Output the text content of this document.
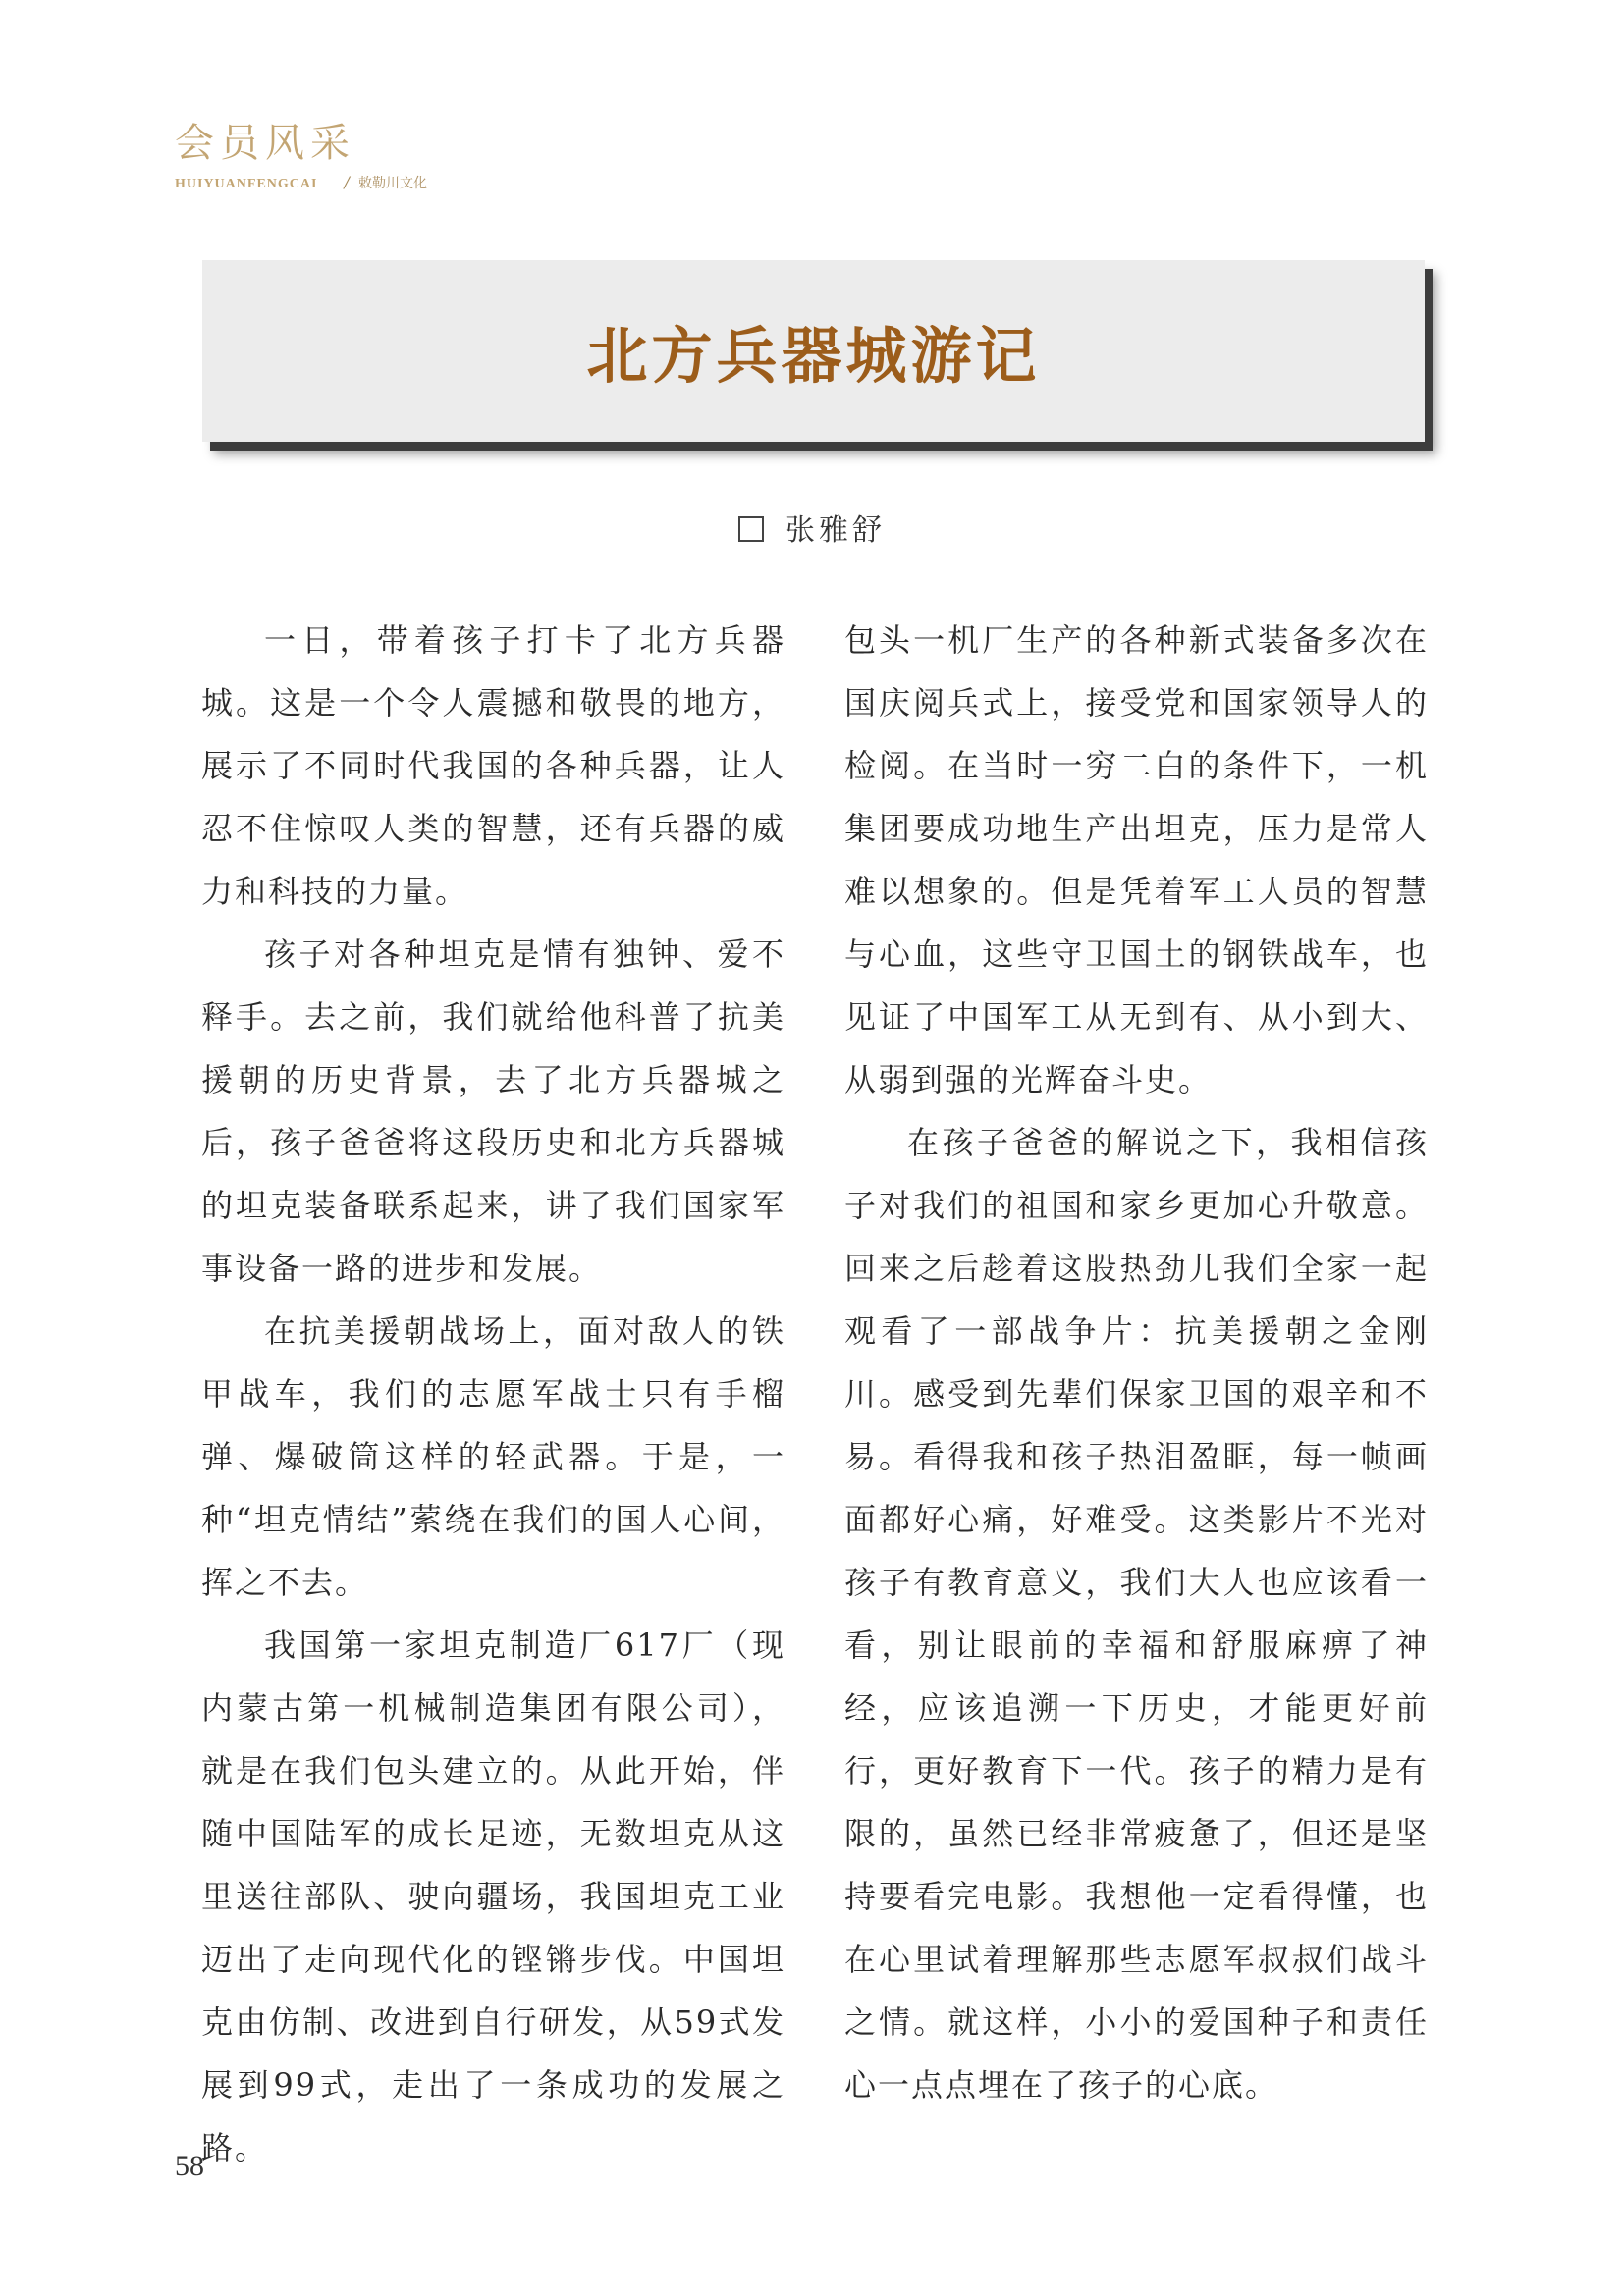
会员风采
HUIYUANFENGCAI / 敕勒川文化
北方兵器城游记
张雅舒

一日，带着孩子打卡了北方兵器城。这是一个令人震撼和敬畏的地方，展示了不同时代我国的各种兵器，让人忍不住惊叹人类的智慧，还有兵器的威力和科技的力量。

孩子对各种坦克是情有独钟、爱不释手。去之前，我们就给他科普了抗美援朝的历史背景，去了北方兵器城之后，孩子爸爸将这段历史和北方兵器城的坦克装备联系起来，讲了我们国家军事设备一路的进步和发展。

在抗美援朝战场上，面对敌人的铁甲战车，我们的志愿军战士只有手榴弹、爆破筒这样的轻武器。于是，一种“坦克情结”萦绕在我们的国人心间，挥之不去。

我国第一家坦克制造厂617厂（现内蒙古第一机械制造集团有限公司），就是在我们包头建立的。从此开始，伴随中国陆军的成长足迹，无数坦克从这里送往部队、驶向疆场，我国坦克工业迈出了走向现代化的铿锵步伐。中国坦克由仿制、改进到自行研发，从59式发展到99式，走出了一条成功的发展之路。

包头一机厂生产的各种新式装备多次在国庆阅兵式上，接受党和国家领导人的检阅。在当时一穷二白的条件下，一机集团要成功地生产出坦克，压力是常人难以想象的。但是凭着军工人员的智慧与心血，这些守卫国土的钢铁战车，也见证了中国军工从无到有、从小到大、从弱到强的光辉奋斗史。

在孩子爸爸的解说之下，我相信孩子对我们的祖国和家乡更加心升敬意。回来之后趁着这股热劲儿我们全家一起观看了一部战争片：抗美援朝之金刚川。感受到先辈们保家卫国的艰辛和不易。看得我和孩子热泪盈眶，每一帧画面都好心痛，好难受。这类影片不光对孩子有教育意义，我们大人也应该看一看，别让眼前的幸福和舒服麻痹了神经，应该追溯一下历史，才能更好前行，更好教育下一代。孩子的精力是有限的，虽然已经非常疲惫了，但还是坚持要看完电影。我想他一定看得懂，也在心里试着理解那些志愿军叔叔们战斗之情。就这样，小小的爱国种子和责任心一点点埋在了孩子的心底。

58
